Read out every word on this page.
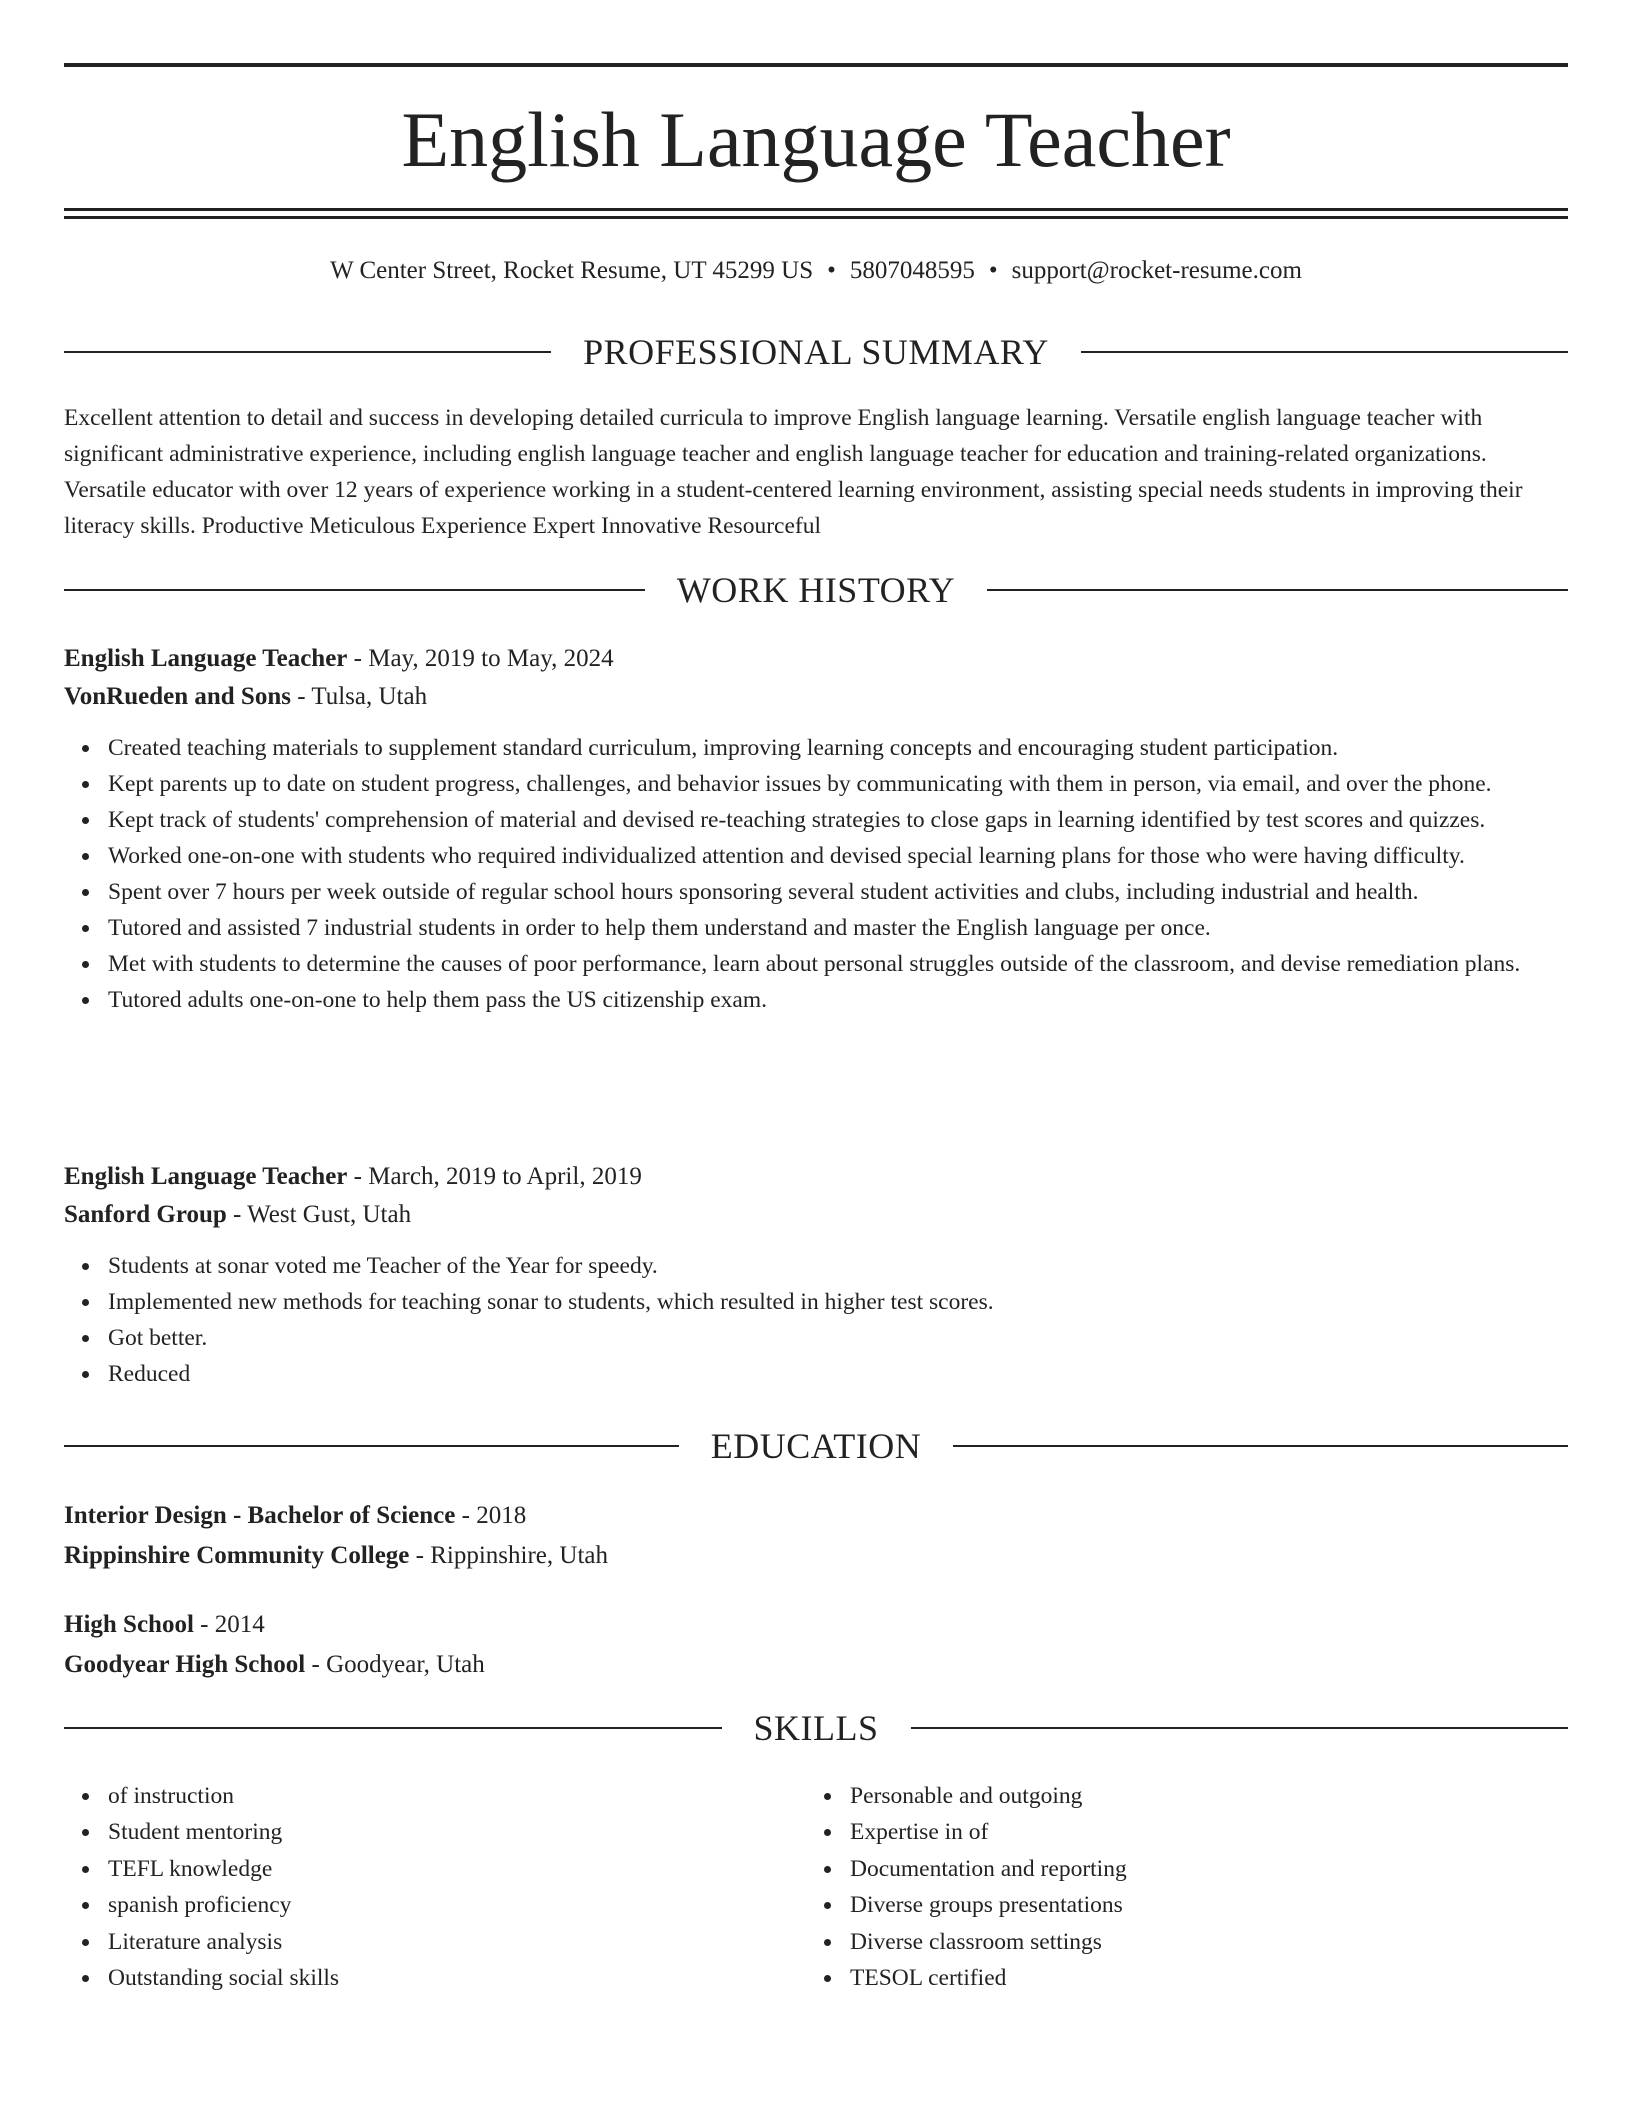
English Language Teacher
W Center Street, Rocket Resume, UT 45299 US • 5807048595 • support@rocket-resume.com
PROFESSIONAL SUMMARY
Excellent attention to detail and success in developing detailed curricula to improve English language learning. Versatile english language teacher with significant administrative experience, including english language teacher and english language teacher for education and training-related organizations. Versatile educator with over 12 years of experience working in a student-centered learning environment, assisting special needs students in improving their literacy skills. Productive Meticulous Experience Expert Innovative Resourceful
WORK HISTORY
English Language Teacher - May, 2019 to May, 2024
VonRueden and Sons - Tulsa, Utah
Created teaching materials to supplement standard curriculum, improving learning concepts and encouraging student participation.
Kept parents up to date on student progress, challenges, and behavior issues by communicating with them in person, via email, and over the phone.
Kept track of students' comprehension of material and devised re-teaching strategies to close gaps in learning identified by test scores and quizzes.
Worked one-on-one with students who required individualized attention and devised special learning plans for those who were having difficulty.
Spent over 7 hours per week outside of regular school hours sponsoring several student activities and clubs, including industrial and health.
Tutored and assisted 7 industrial students in order to help them understand and master the English language per once.
Met with students to determine the causes of poor performance, learn about personal struggles outside of the classroom, and devise remediation plans.
Tutored adults one-on-one to help them pass the US citizenship exam.
English Language Teacher - March, 2019 to April, 2019
Sanford Group - West Gust, Utah
Students at sonar voted me Teacher of the Year for speedy.
Implemented new methods for teaching sonar to students, which resulted in higher test scores.
Got better.
Reduced
EDUCATION
Interior Design - Bachelor of Science - 2018
Rippinshire Community College - Rippinshire, Utah
High School - 2014
Goodyear High School - Goodyear, Utah
SKILLS
of instruction
Student mentoring
TEFL knowledge
spanish proficiency
Literature analysis
Outstanding social skills
Personable and outgoing
Expertise in of
Documentation and reporting
Diverse groups presentations
Diverse classroom settings
TESOL certified
